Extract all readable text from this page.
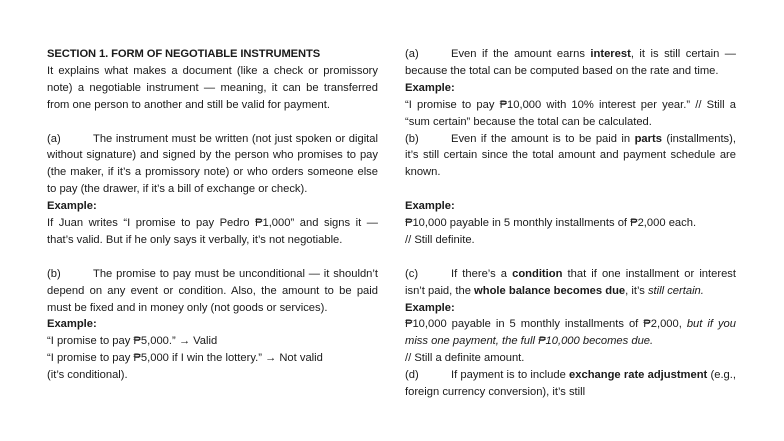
SECTION 1. FORM OF NEGOTIABLE INSTRUMENTS

It explains what makes a document (like a check or promissory note) a negotiable instrument — meaning, it can be transferred from one person to another and still be valid for payment.

(a)	The instrument must be written (not just spoken or digital without signature) and signed by the person who promises to pay (the maker, if it’s a promissory note) or who orders someone else to pay (the drawer, if it’s a bill of exchange or check).

Example:

If Juan writes “I promise to pay Pedro ₱1,000” and signs it — that’s valid. But if he only says it verbally, it’s not negotiable.

(b)	The promise to pay must be unconditional — it shouldn’t depend on any event or condition. Also, the amount to be paid must be fixed and in money only (not goods or services).

Example:

“I promise to pay ₱5,000.” → Valid

“I promise to pay ₱5,000 if I win the lottery.” → Not valid

(it’s conditional).

(a)	Even if the amount earns interest, it is still certain — because the total can be computed based on the rate and time.

Example:

“I promise to pay ₱10,000 with 10% interest per year.” // Still a “sum certain” because the total can be calculated.

(b)	Even if the amount is to be paid in parts (installments), it’s still certain since the total amount and payment schedule are known.

Example:

₱10,000 payable in 5 monthly installments of ₱2,000 each.

// Still definite.

(c)	If there’s a condition that if one installment or interest isn’t paid, the whole balance becomes due, it’s still certain.

Example:

₱10,000 payable in 5 monthly installments of ₱2,000, but if you miss one payment, the full ₱10,000 becomes due.

// Still a definite amount.

(d)	If payment is to include exchange rate adjustment (e.g., foreign currency conversion), it’s still
